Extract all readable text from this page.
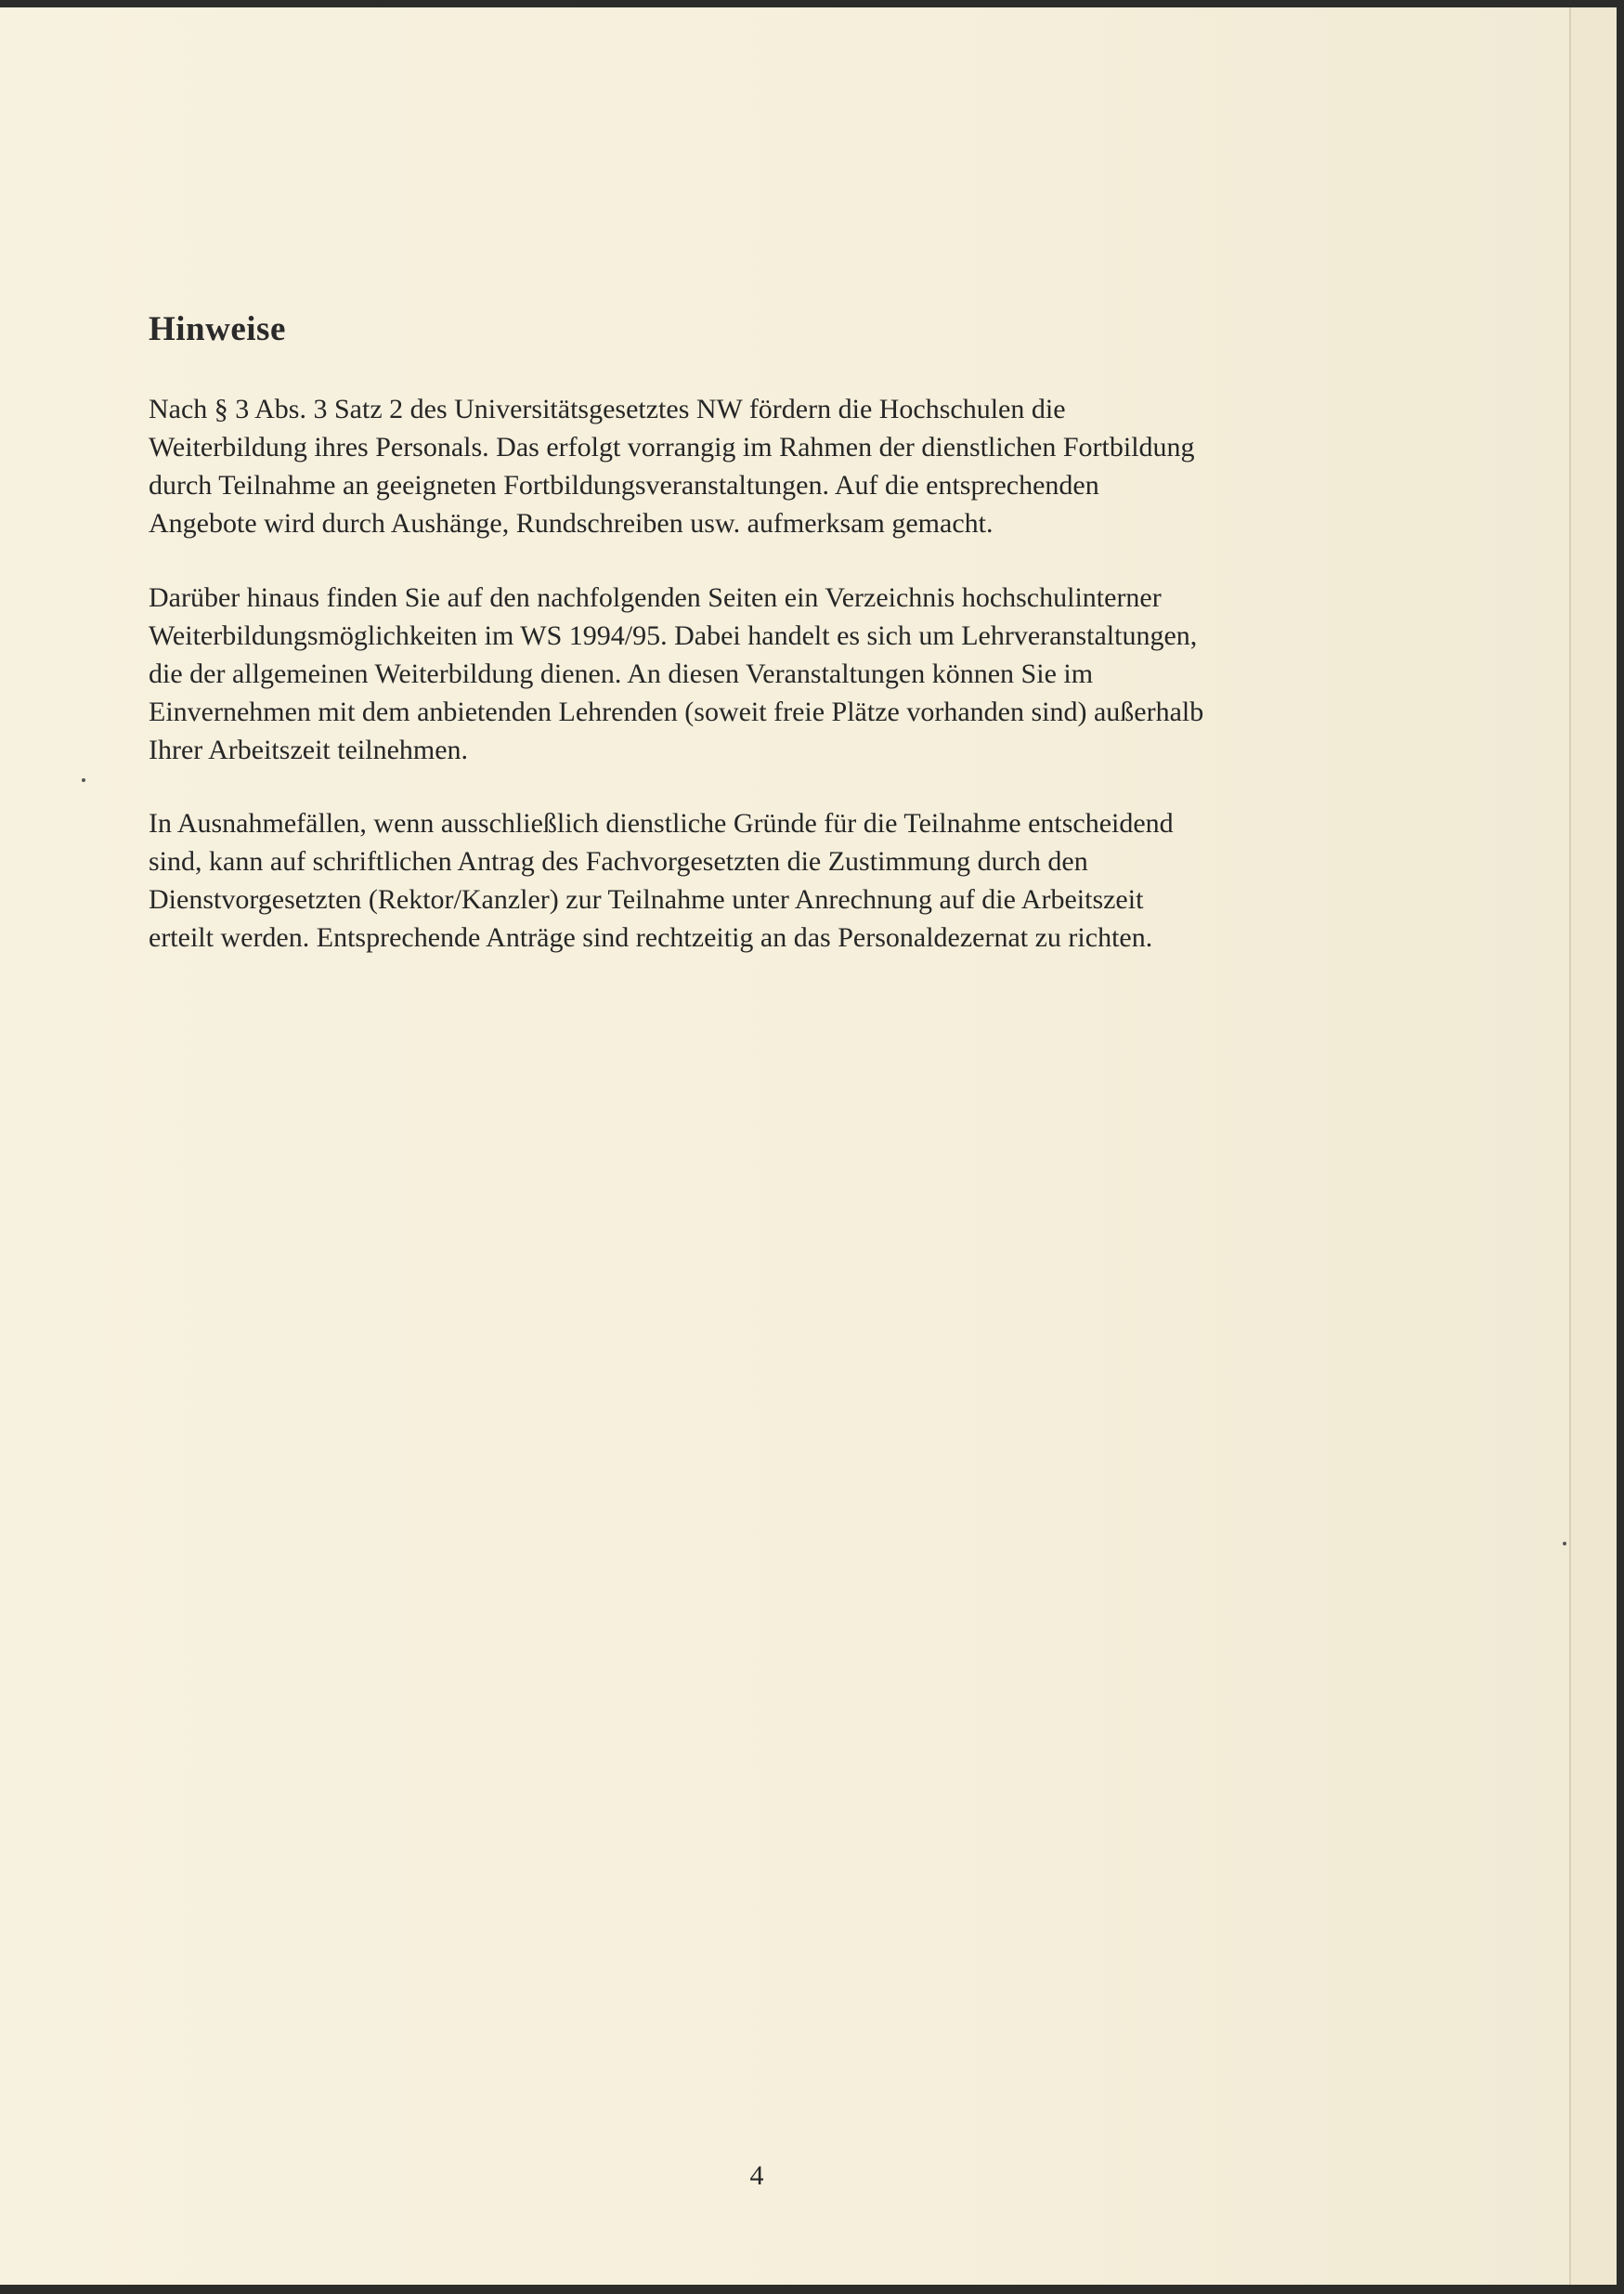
Hinweise

Nach § 3 Abs. 3 Satz 2 des Universitätsgesetztes NW fördern die Hochschulen die
Weiterbildung ihres Personals. Das erfolgt vorrangig im Rahmen der dienstlichen Fortbildung
durch Teilnahme an geeigneten Fortbildungsveranstaltungen. Auf die entsprechenden
Angebote wird durch Aushänge, Rundschreiben usw. aufmerksam gemacht.

Darüber hinaus finden Sie auf den nachfolgenden Seiten ein Verzeichnis hochschulinterner
Weiterbildungsmöglichkeiten im WS 1994/95. Dabei handelt es sich um Lehrveranstaltungen,
die der allgemeinen Weiterbildung dienen. An diesen Veranstaltungen können Sie im
Einvernehmen mit dem anbietenden Lehrenden (soweit freie Plätze vorhanden sind) außerhalb
Ihrer Arbeitszeit teilnehmen.

In Ausnahmefällen, wenn ausschließlich dienstliche Gründe für die Teilnahme entscheidend
sind, kann auf schriftlichen Antrag des Fachvorgesetzten die Zustimmung durch den
Dienstvorgesetzten (Rektor/Kanzler) zur Teilnahme unter Anrechnung auf die Arbeitszeit
erteilt werden. Entsprechende Anträge sind rechtzeitig an das Personaldezernat zu richten.

4
